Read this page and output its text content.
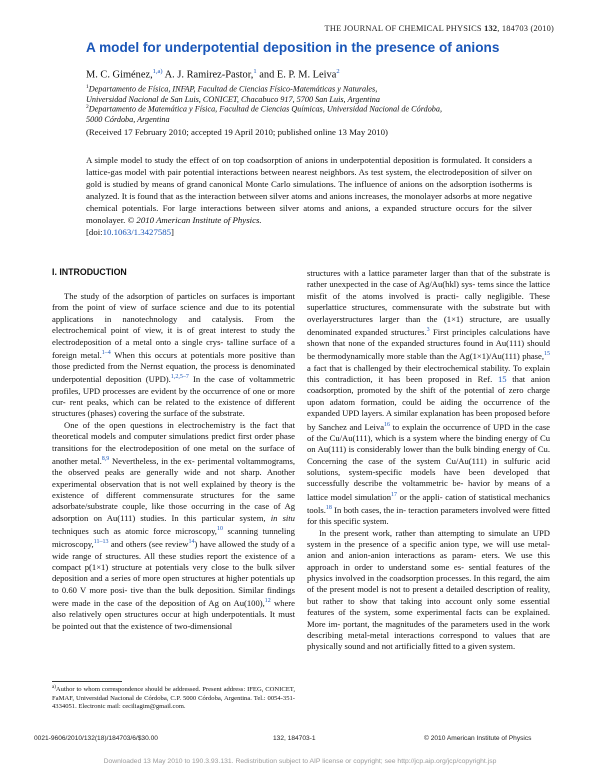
THE JOURNAL OF CHEMICAL PHYSICS 132, 184703 (2010)
A model for underpotential deposition in the presence of anions
M. C. Giménez,$^{1,a)}$ A. J. Ramirez-Pastor,$^1$ and E. P. M. Leiva$^2$
$^1$Departamento de Física, INFAP, Facultad de Ciencias Físico-Matemáticas y Naturales,
Universidad Nacional de San Luis, CONICET, Chacabuco 917, 5700 San Luis, Argentina
$^2$Departamento de Matemática y Física, Facultad de Ciencias Químicas, Universidad Nacional de Córdoba,
5000 Córdoba, Argentina
(Received 17 February 2010; accepted 19 April 2010; published online 13 May 2010)
A simple model to study the effect of on top coadsorption of anions in underpotential deposition is formulated. It considers a lattice-gas model with pair potential interactions between nearest neighbors. As test system, the electrodeposition of silver on gold is studied by means of grand canonical Monte Carlo simulations. The influence of anions on the adsorption isotherms is analyzed. It is found that as the interaction between silver atoms and anions increases, the monolayer adsorbs at more negative chemical potentials. For large interactions between silver atoms and anions, a expanded structure occurs for the silver monolayer. © 2010 American Institute of Physics.
[doi:10.1063/1.3427585]
I. INTRODUCTION

The study of the adsorption of particles on surfaces is important from the point of view of surface science and due to its potential applications in nanotechnology and catalysis. From the electrochemical point of view, it is of great interest to study the electrodeposition of a metal onto a single crys- talline surface of a foreign metal.$^{1-4}$ When this occurs at potentials more positive than those predicted from the Nernst equation, the process is denominated underpotential deposition (UPD).$^{1,2,5-7}$ In the case of voltammetric profiles, UPD processes are evident by the occurrence of one or more cur- rent peaks, which can be related to the existence of different structures (phases) covering the surface of the substrate.

One of the open questions in electrochemistry is the fact that theoretical models and computer simulations predict first order phase transitions for the electrodeposition of one metal on the surface of another metal.$^{8,9}$ Nevertheless, in the ex- perimental voltammograms, the observed peaks are generally wide and not sharp. Another experimental observation that is not well explained by theory is the existence of different commensurate structures for the same adsorbate/substrate couple, like those occurring in the case of Ag adsorption on Au(111) studies. In this particular system, in situ techniques such as atomic force microscopy,$^{10}$ scanning tunneling microscopy,$^{11-13}$ and others (see review$^{14}$) have allowed the study of a wide range of structures. All these studies report the existence of a compact p(1×1) structure at potentials very close to the bulk silver deposition and a series of more open structures at higher potentials up to 0.60 V more posi- tive than the bulk deposition. Similar findings were made in the case of the deposition of Ag on Au(100),$^{12}$ where also relatively open structures occur at high underpotentials. It must be pointed out that the existence of two-dimensional

structures with a lattice parameter larger than that of the substrate is rather unexpected in the case of Ag/Au(hkl) sys- tems since the lattice misfit of the atoms involved is practi- cally negligible. These superlattice structures, commensurate with the substrate but with overlayerstructures larger than the (1×1) structure, are usually denominated expanded structures.$^3$ First principles calculations have shown that none of the expanded structures found in Au(111) should be thermodynamically more stable than the Ag(1×1)/Au(111) phase,$^{15}$ a fact that is challenged by their electrochemical stability. To explain this contradiction, it has been proposed in Ref. 15 that anion coadsorption, promoted by the shift of the potential of zero charge upon adatom formation, could be aiding the occurrence of the expanded UPD layers. A similar explanation has been proposed before by Sanchez and Leiva$^{16}$ to explain the occurrence of UPD in the case of the Cu/Au(111), which is a system where the binding energy of Cu on Au(111) is considerably lower than the bulk binding energy of Cu. Concerning the case of the system Cu/Au(111) in sulfuric acid solutions, system-specific models have been developed that successfully describe the voltammetric be- havior by means of a lattice model simulation$^{17}$ or the appli- cation of statistical mechanics tools.$^{18}$ In both cases, the in- teraction parameters involved were fitted for this specific system.

In the present work, rather than attempting to simulate an UPD system in the presence of a specific anion type, we will use metal-anion and anion-anion interactions as param- eters. We use this approach in order to understand some es- sential features of the physics involved in the coadsorption processes. In this regard, the aim of the present model is not to present a detailed description of reality, but rather to show that taking into account only some essential features of the system, some experimental facts can be explained. More im- portant, the magnitudes of the parameters used in the work describing metal-metal interactions correspond to values that are physically sound and not artificially fitted to a given system.

$^{a)}$Author to whom correspondence should be addressed. Present address: IFEG, CONICET, FaMAF, Universidad Nacional de Córdoba, C.P. 5000 Córdoba, Argentina. Tel.: 0054-351-4334051. Electronic mail: ceciliagim@gmail.com.
0021-9606/2010/132(18)/184703/6/$30.00	132, 184703-1	© 2010 American Institute of Physics
Downloaded 13 May 2010 to 190.3.93.131. Redistribution subject to AIP license or copyright; see http://jcp.aip.org/jcp/copyright.jsp
